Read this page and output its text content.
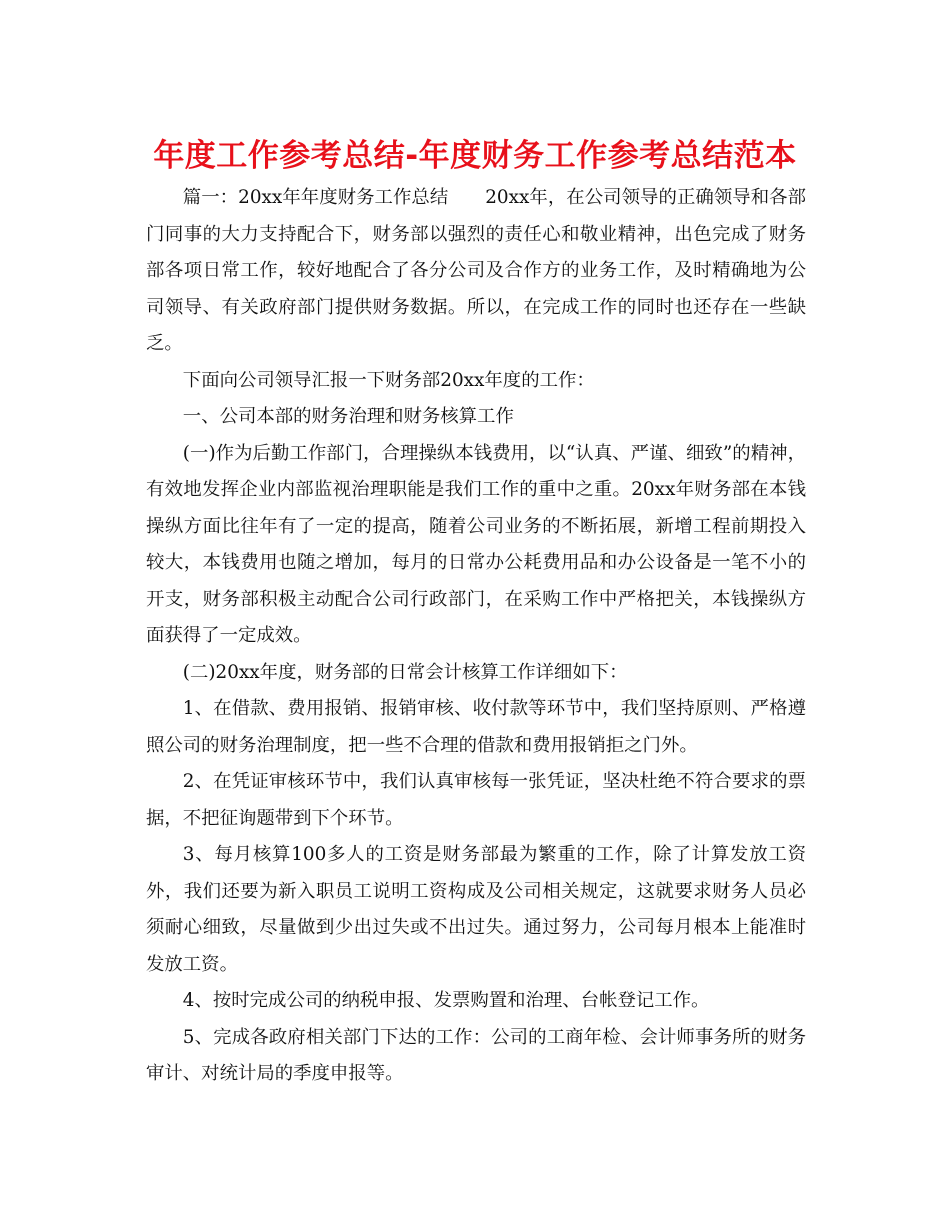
年度工作参考总结-年度财务工作参考总结范本

篇一：20xx年年度财务工作总结　　20xx年，在公司领导的正确领导和各部门同事的大力支持配合下，财务部以强烈的责任心和敬业精神，出色完成了财务部各项日常工作，较好地配合了各分公司及合作方的业务工作，及时精确地为公司领导、有关政府部门提供财务数据。所以，在完成工作的同时也还存在一些缺乏。

下面向公司领导汇报一下财务部20xx年度的工作：

一、公司本部的财务治理和财务核算工作

(一)作为后勤工作部门，合理操纵本钱费用，以“认真、严谨、细致”的精神，有效地发挥企业内部监视治理职能是我们工作的重中之重。20xx年财务部在本钱操纵方面比往年有了一定的提高，随着公司业务的不断拓展，新增工程前期投入较大，本钱费用也随之增加，每月的日常办公耗费用品和办公设备是一笔不小的开支，财务部积极主动配合公司行政部门，在采购工作中严格把关，本钱操纵方面获得了一定成效。

(二)20xx年度，财务部的日常会计核算工作详细如下：

1、在借款、费用报销、报销审核、收付款等环节中，我们坚持原则、严格遵照公司的财务治理制度，把一些不合理的借款和费用报销拒之门外。

2、在凭证审核环节中，我们认真审核每一张凭证，坚决杜绝不符合要求的票据，不把征询题带到下个环节。

3、每月核算100多人的工资是财务部最为繁重的工作，除了计算发放工资外，我们还要为新入职员工说明工资构成及公司相关规定，这就要求财务人员必须耐心细致，尽量做到少出过失或不出过失。通过努力，公司每月根本上能准时发放工资。

4、按时完成公司的纳税申报、发票购置和治理、台帐登记工作。

5、完成各政府相关部门下达的工作：公司的工商年检、会计师事务所的财务审计、对统计局的季度申报等。
